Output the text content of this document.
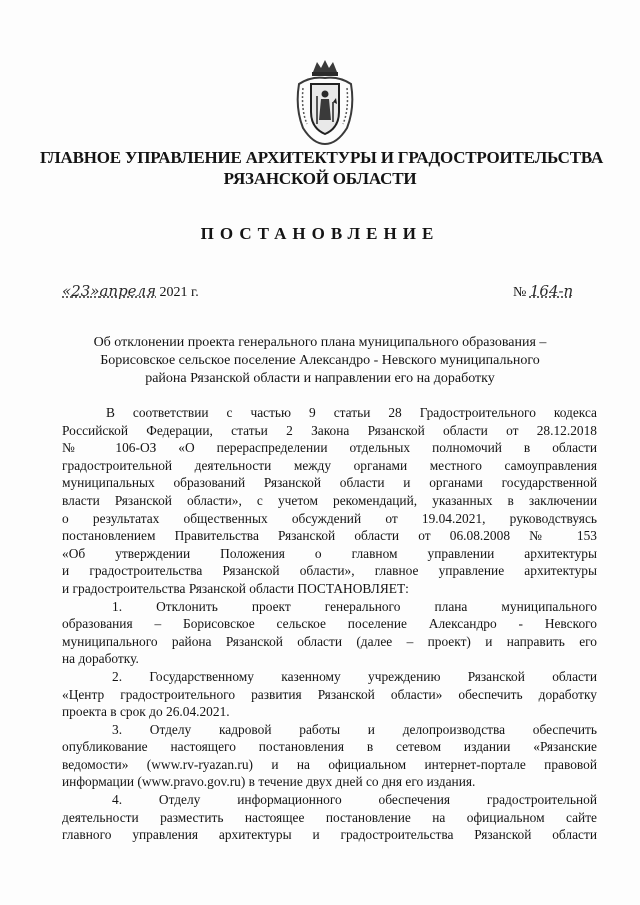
ГЛАВНОЕ УПРАВЛЕНИЕ АРХИТЕКТУРЫ И ГРАДОСТРОИТЕЛЬСТВА
РЯЗАНСКОЙ ОБЛАСТИ
ПОСТАНОВЛЕНИЕ
«23»апреля 2021 г.	№ 164-п
Об отклонении проекта генерального плана муниципального образования –
Борисовское сельское поселение Александро - Невского муниципального
района Рязанской области и направлении его на доработку
В соответствии с частью 9 статьи 28 Градостроительного кодекса
Российской Федерации, статьи 2 Закона Рязанской области от 28.12.2018
№ 106-ОЗ «О перераспределении отдельных полномочий в области
градостроительной деятельности между органами местного самоуправления
муниципальных образований Рязанской области и органами государственной
власти Рязанской области», с учетом рекомендаций, указанных в заключении
о результатах общественных обсуждений от 19.04.2021, руководствуясь
постановлением Правительства Рязанской области от 06.08.2008 № 153
«Об утверждении Положения о главном управлении архитектуры
и градостроительства Рязанской области», главное управление архитектуры
и градостроительства Рязанской области ПОСТАНОВЛЯЕТ:
1. Отклонить проект генерального плана муниципального
образования – Борисовское сельское поселение Александро - Невского
муниципального района Рязанской области (далее – проект) и направить его
на доработку.
2. Государственному казенному учреждению Рязанской области
«Центр градостроительного развития Рязанской области» обеспечить доработку
проекта в срок до 26.04.2021.
3. Отделу кадровой работы и делопроизводства обеспечить
опубликование настоящего постановления в сетевом издании «Рязанские
ведомости» (www.rv-ryazan.ru) и на официальном интернет-портале правовой
информации (www.pravo.gov.ru) в течение двух дней со дня его издания.
4. Отделу информационного обеспечения градостроительной
деятельности разместить настоящее постановление на официальном сайте
главного управления архитектуры и градостроительства Рязанской области
